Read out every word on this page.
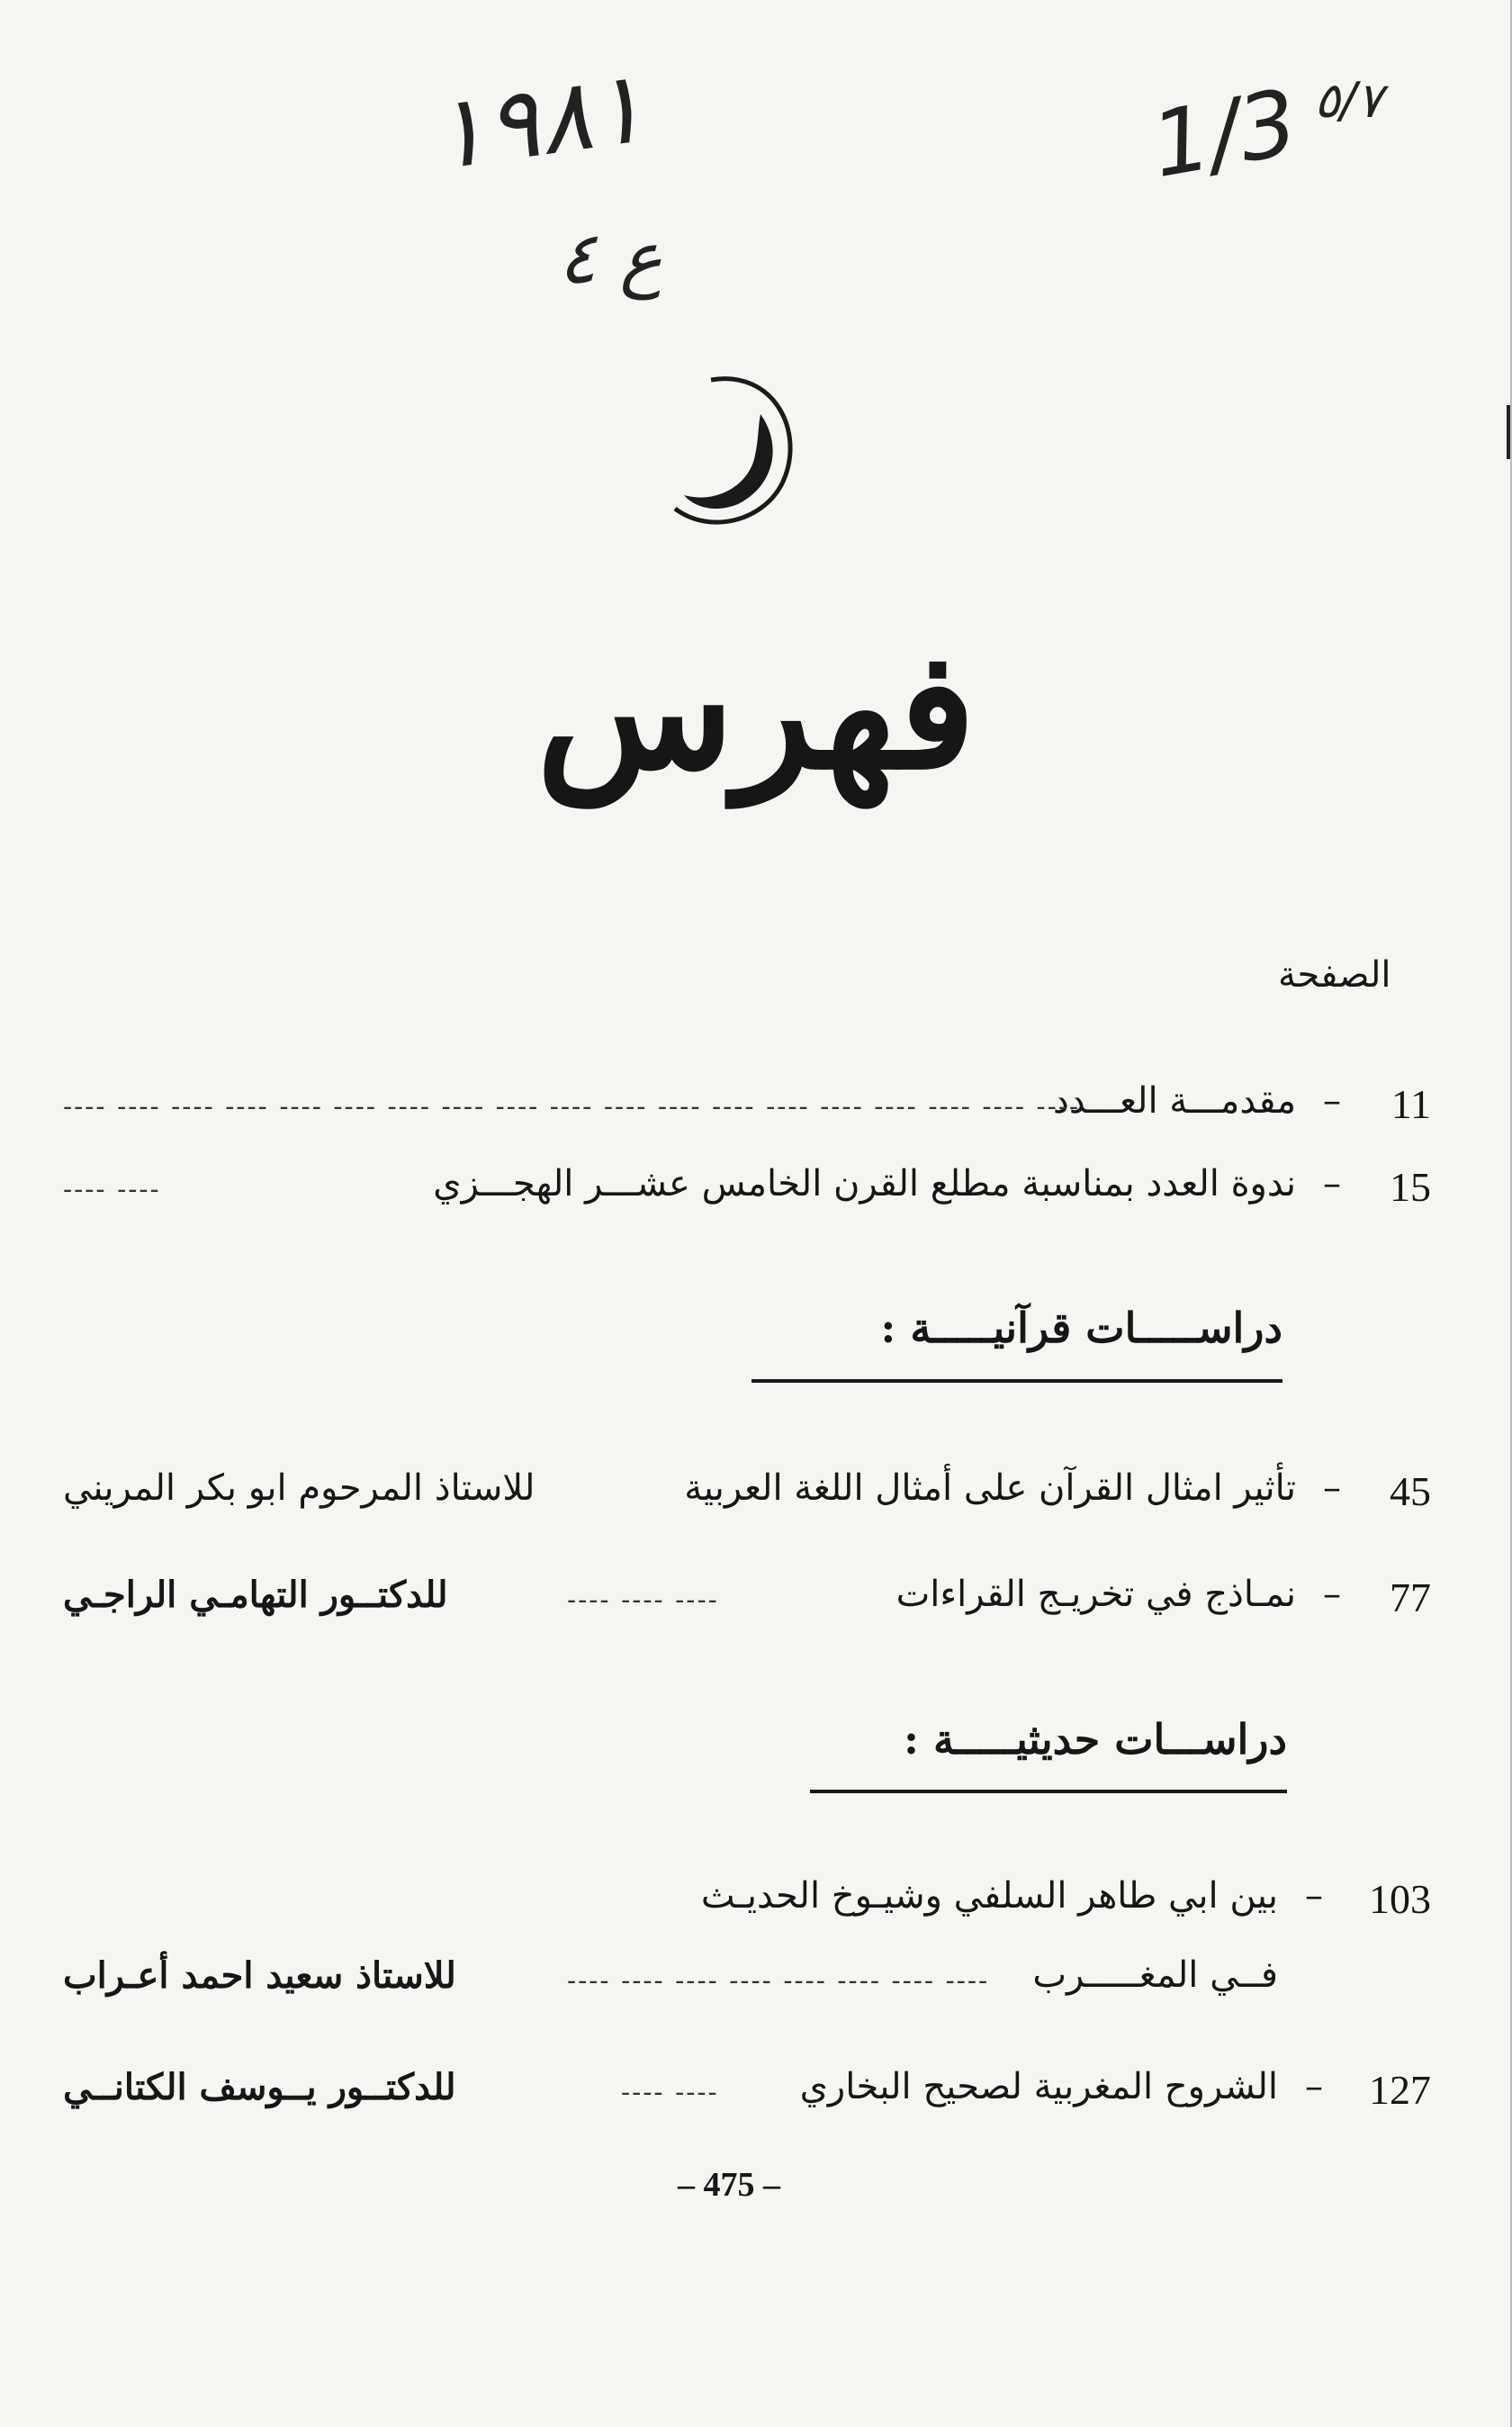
١٩٨١
ع ٤
1/3 ٥/٧
فهرس
الصفحة
11
–
مقدمـــة العـــدد
---- ---- ---- ---- ---- ---- ---- ---- ---- ---- ---- ---- ---- ---- ---- ---- ---- ---- ----
15
–
ندوة العدد بمناسبة مطلع القرن الخامس عشـــر الهجـــزي
---- ----
دراســـــات قرآنيـــــة :
45
–
تأثير امثال القرآن على أمثال اللغة العربية
للاستاذ المرحوم ابو بكر المريني
77
–
نمـاذج في تخريـج القراءات
---- ---- ----
للدكتــور التهامـي الراجـي
دراســـات حديثيـــــة :
103
–
بين ابي طاهر السلفي وشيـوخ الحديـث
فــي المغـــــرب
---- ---- ---- ---- ---- ---- ---- ----
للاستاذ سعيد احمد أعـراب
127
–
الشروح المغربية لصحيح البخاري
---- ----
للدكتــور يــوسف الكتانــي
– 475 –
